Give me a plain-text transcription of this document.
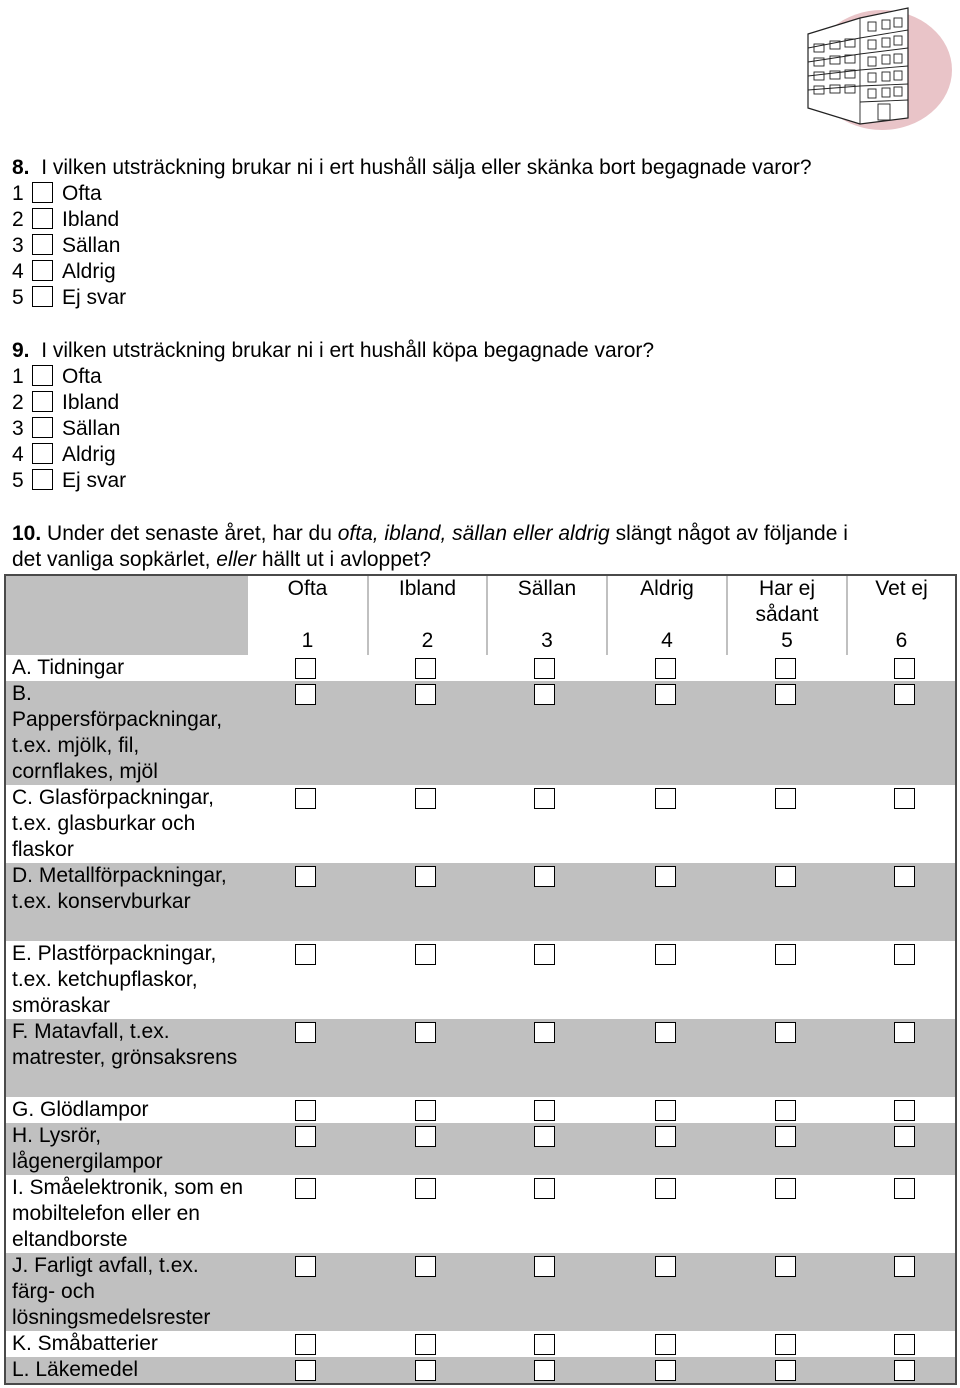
8. I vilken utsträckning brukar ni i ert hushåll sälja eller skänka bort begagnade varor?
1 Ofta
2 Ibland
3 Sällan
4 Aldrig
5 Ej svar
9. I vilken utsträckning brukar ni i ert hushåll köpa begagnade varor?
1 Ofta
2 Ibland
3 Sällan
4 Aldrig
5 Ej svar
10. Under det senaste året, har du ofta, ibland, sällan eller aldrig slängt något av följande i
det vanliga sopkärlet, eller hällt ut i avloppet?
Ofta
1
Ibland
2
Sällan
3
Aldrig
4
Har ej sådant
5
Vet ej
6
A. Tidningar
B. Pappersförpackningar, t.ex. mjölk, fil, cornflakes, mjöl
C. Glasförpackningar, t.ex. glasburkar och flaskor
D. Metallförpackningar, t.ex. konservburkar
E. Plastförpackningar, t.ex. ketchupflaskor, smöraskar
F. Matavfall, t.ex. matrester, grönsaksrens
G. Glödlampor
H. Lysrör, lågenergilampor
I. Småelektronik, som en mobiltelefon eller en eltandborste
J. Farligt avfall, t.ex. färg- och lösningsmedelsrester
K. Småbatterier
L. Läkemedel
